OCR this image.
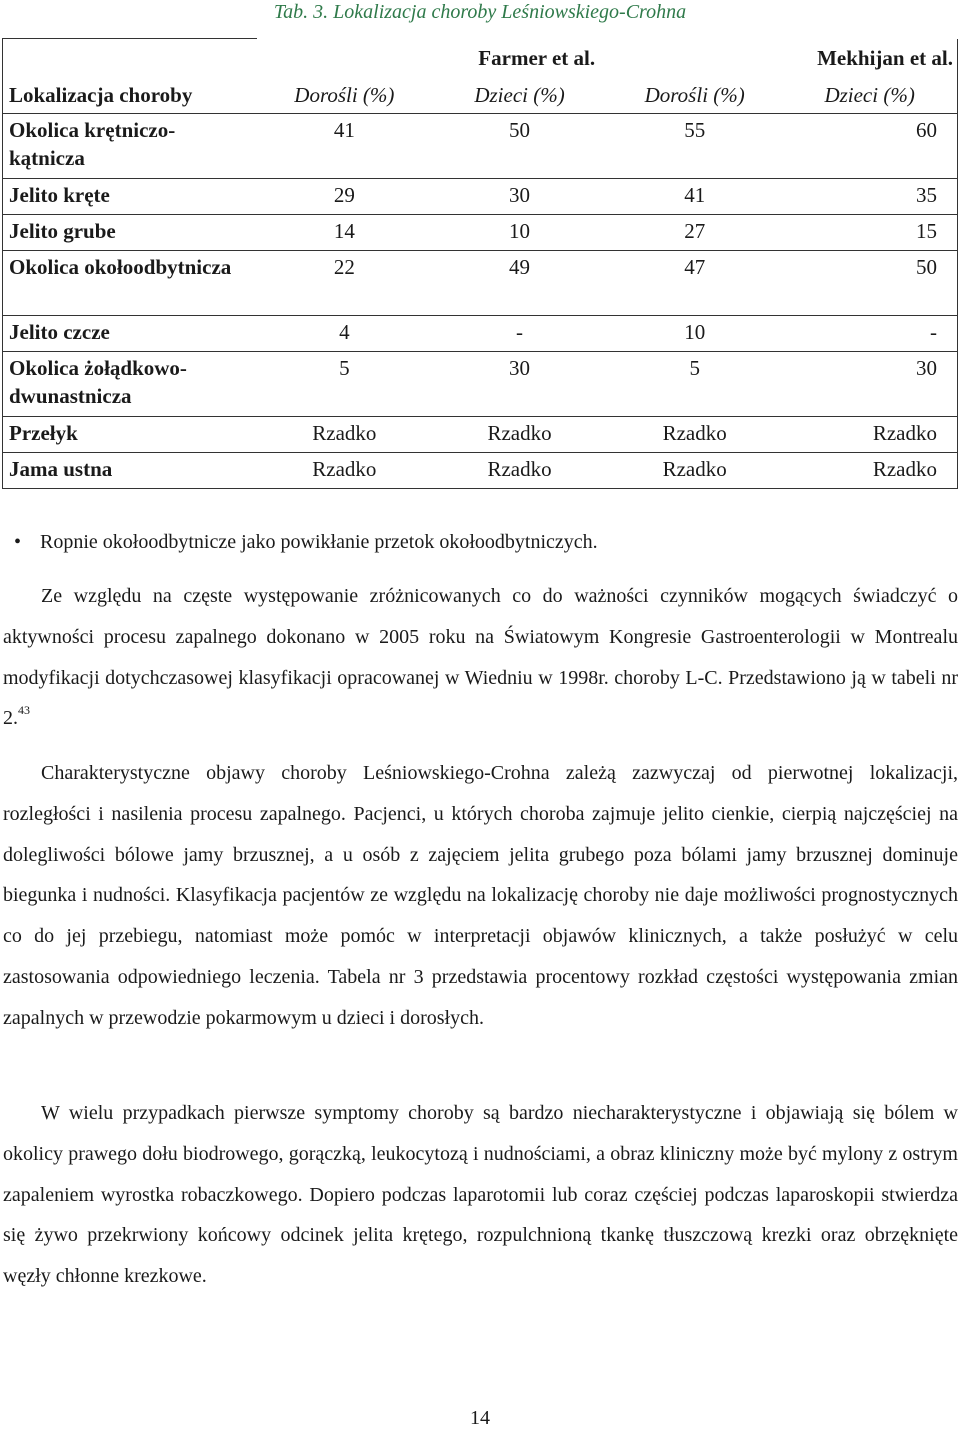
Tab. 3. Lokalizacja choroby Leśniowskiego-Crohna
	Farmer et al.		Mekhijan et al.	
Lokalizacja choroby	Dorośli (%)	Dzieci (%)	Dorośli (%)	Dzieci (%)
Okolica krętniczo-kątnicza	41	50	55	60
Jelito kręte	29	30	41	35
Jelito grube	14	10	27	15
Okolica okołoodbytnicza	22	49	47	50
Jelito czcze	4	-	10	-
Okolica żołądkowo-dwunastnicza	5	30	5	30
Przełyk	Rzadko	Rzadko	Rzadko	Rzadko
Jama ustna	Rzadko	Rzadko	Rzadko	Rzadko
• Ropnie okołoodbytnicze jako powikłanie przetok okołoodbytniczych.

Ze względu na częste występowanie zróżnicowanych co do ważności czynników mogących świadczyć o aktywności procesu zapalnego dokonano w 2005 roku na Światowym Kongresie Gastroenterologii w Montrealu modyfikacji dotychczasowej klasyfikacji opracowanej w Wiedniu w 1998r. choroby L-C. Przedstawiono ją w tabeli nr 2.43

Charakterystyczne objawy choroby Leśniowskiego-Crohna zależą zazwyczaj od pierwotnej lokalizacji, rozległości i nasilenia procesu zapalnego. Pacjenci, u których choroba zajmuje jelito cienkie, cierpią najczęściej na dolegliwości bólowe jamy brzusznej, a u osób z zajęciem jelita grubego poza bólami jamy brzusznej dominuje biegunka i nudności. Klasyfikacja pacjentów ze względu na lokalizację choroby nie daje możliwości prognostycznych co do jej przebiegu, natomiast może pomóc w interpretacji objawów klinicznych, a także posłużyć w celu zastosowania odpowiedniego leczenia. Tabela nr 3 przedstawia procentowy rozkład częstości występowania zmian zapalnych w przewodzie pokarmowym u dzieci i dorosłych.

W wielu przypadkach pierwsze symptomy choroby są bardzo niecharakterystyczne i objawiają się bólem w okolicy prawego dołu biodrowego, gorączką, leukocytozą i nudnościami, a obraz kliniczny może być mylony z ostrym zapaleniem wyrostka robaczkowego. Dopiero podczas laparotomii lub coraz częściej podczas laparoskopii stwierdza się żywo przekrwiony końcowy odcinek jelita krętego, rozpulchnioną tkankę tłuszczową krezki oraz obrzęknięte węzły chłonne krezkowe.

14
